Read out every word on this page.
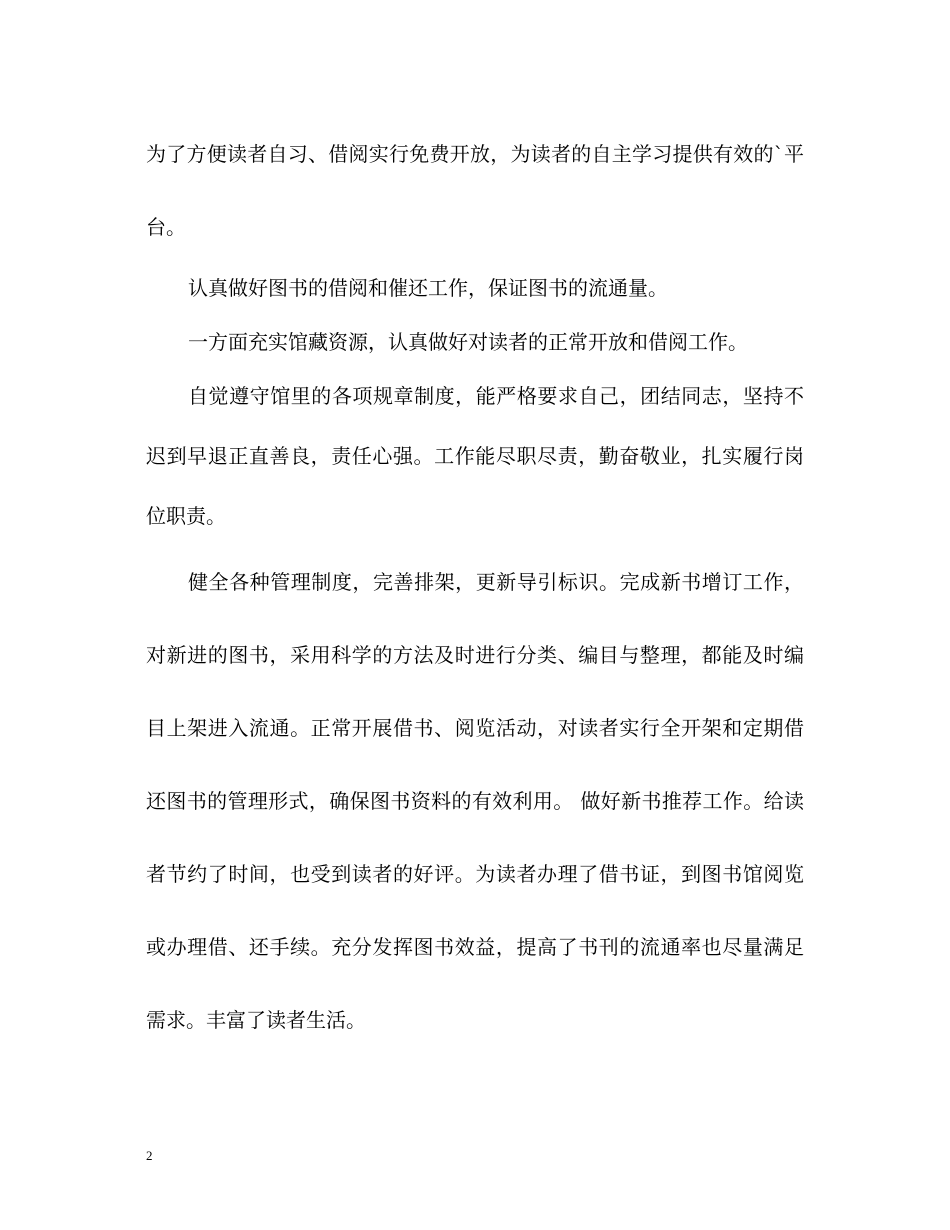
为了方便读者自习、借阅实行免费开放，为读者的自主学习提供有效的`平台。

认真做好图书的借阅和催还工作，保证图书的流通量。

一方面充实馆藏资源，认真做好对读者的正常开放和借阅工作。

自觉遵守馆里的各项规章制度，能严格要求自己，团结同志，坚持不迟到早退正直善良，责任心强。工作能尽职尽责，勤奋敬业，扎实履行岗位职责。

健全各种管理制度，完善排架，更新导引标识。完成新书增订工作，对新进的图书，采用科学的方法及时进行分类、编目与整理，都能及时编目上架进入流通。正常开展借书、阅览活动，对读者实行全开架和定期借还图书的管理形式，确保图书资料的有效利用。 做好新书推荐工作。给读者节约了时间，也受到读者的好评。为读者办理了借书证，到图书馆阅览或办理借、还手续。充分发挥图书效益，提高了书刊的流通率也尽量满足需求。丰富了读者生活。

2
